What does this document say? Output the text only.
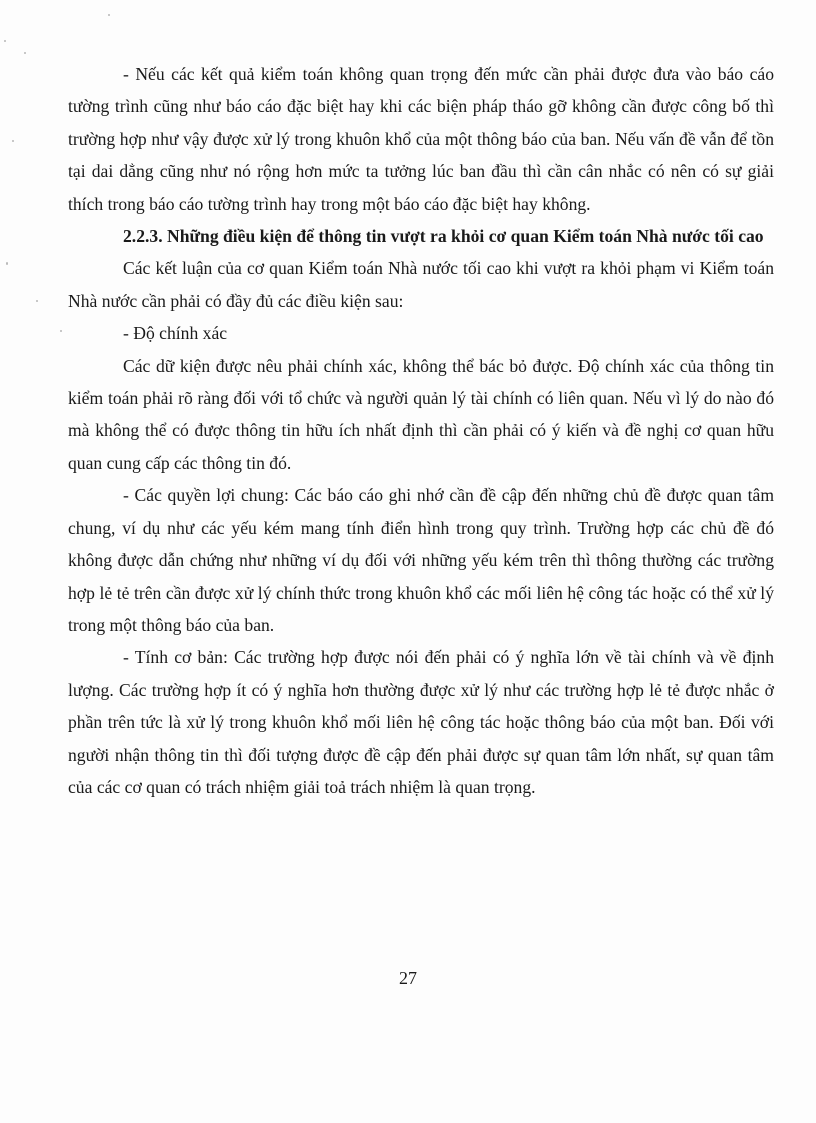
- Nếu các kết quả kiểm toán không quan trọng đến mức cần phải được đưa vào báo cáo tường trình cũng như báo cáo đặc biệt hay khi các biện pháp tháo gỡ không cần được công bố thì trường hợp như vậy được xử lý trong khuôn khổ của một thông báo của ban. Nếu vấn đề vẫn để tồn tại dai dẳng cũng như nó rộng hơn mức ta tưởng lúc ban đầu thì cần cân nhắc có nên có sự giải thích trong báo cáo tường trình hay trong một báo cáo đặc biệt hay không.

2.2.3. Những điều kiện để thông tin vượt ra khỏi cơ quan Kiểm toán Nhà nước tối cao

Các kết luận của cơ quan Kiểm toán Nhà nước tối cao khi vượt ra khỏi phạm vi Kiểm toán Nhà nước cần phải có đầy đủ các điều kiện sau:

- Độ chính xác

Các dữ kiện được nêu phải chính xác, không thể bác bỏ được. Độ chính xác của thông tin kiểm toán phải rõ ràng đối với tổ chức và người quản lý tài chính có liên quan. Nếu vì lý do nào đó mà không thể có được thông tin hữu ích nhất định thì cần phải có ý kiến và đề nghị cơ quan hữu quan cung cấp các thông tin đó.

- Các quyền lợi chung: Các báo cáo ghi nhớ cần đề cập đến những chủ đề được quan tâm chung, ví dụ như các yếu kém mang tính điển hình trong quy trình. Trường hợp các chủ đề đó không được dẫn chứng như những ví dụ đối với những yếu kém trên thì thông thường các trường hợp lẻ tẻ trên cần được xử lý chính thức trong khuôn khổ các mối liên hệ công tác hoặc có thể xử lý trong một thông báo của ban.

- Tính cơ bản: Các trường hợp được nói đến phải có ý nghĩa lớn về tài chính và về định lượng. Các trường hợp ít có ý nghĩa hơn thường được xử lý như các trường hợp lẻ tẻ được nhắc ở phần trên tức là xử lý trong khuôn khổ mối liên hệ công tác hoặc thông báo của một ban. Đối với người nhận thông tin thì đối tượng được đề cập đến phải được sự quan tâm lớn nhất, sự quan tâm của các cơ quan có trách nhiệm giải toả trách nhiệm là quan trọng.

27
